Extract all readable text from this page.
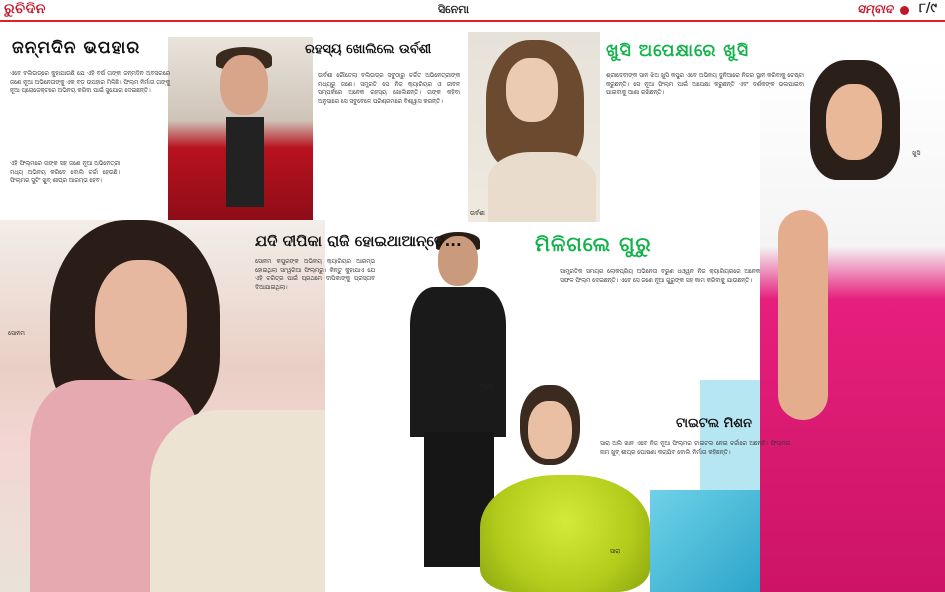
ରୁଚିଦିନ	ସିନେମା	ସମ୍ବାଦ ୮/୯
ଜନ୍ମଦିନ ଭପହାର
ଏବେ ବଲିଉଡ୍‌ରେ କୁହାଯାଉଛି ଯେ ଏହି ବର୍ଷ ତାଙ୍କ ଜନ୍ମଦିନ ଅବସରରେ ଜଣେ ନୂଆ ଅଭିନେତାଙ୍କୁ ଏକ ବଡ଼ ଉପହାର ମିଳିଛି। ଫିଲ୍ମ ନିର୍ମାତା ତାଙ୍କୁ ନୂଆ ପ୍ରୋଜେକ୍ଟରେ ଅଭିନୟ କରିବା ପାଇଁ ସୁଯୋଗ ଦେଇଛନ୍ତି।
ଏହି ଫିଲ୍ମରେ ତାଙ୍କ ସହ ଜଣେ ନୂଆ ଅଭିନେତ୍ରୀ ମଧ୍ୟ ଅଭିନୟ କରିବେ ବୋଲି ଚର୍ଚ୍ଚା ହେଉଛି। ଫିଲ୍ମର ସୁଟିଂ ଖୁବ୍ ଶୀଘ୍ର ଆରମ୍ଭ ହେବ।
ରହସ୍ୟ ଖୋଲିଲେ ଉର୍ବଶୀ
ଉର୍ବଶୀ ରୌତେଲା ବଲିଉଡ୍‌ର ସବୁଠାରୁ ଚର୍ଚ୍ଚିତ ଅଭିନେତ୍ରୀଙ୍କ ମଧ୍ୟରୁ ଜଣେ। ସମ୍ପ୍ରତି ସେ ନିଜ କ୍ୟାରିୟର ଓ ଜୀବନ ସମ୍ପର୍କରେ ଅନେକ ରହସ୍ୟ ଖୋଲିଛନ୍ତି। ତାଙ୍କ କହିବା ଅନୁସାରେ ସେ ସବୁବେଳେ ପରିଶ୍ରମରେ ବିଶ୍ୱାସ କରନ୍ତି।
ଉର୍ବଶୀ
ଖୁସି ଅପେକ୍ଷାରେ ଖୁସି
ଶ୍ରୀଦେବୀଙ୍କ ସାନ ଝିଅ ଖୁସି କପୁର ଏବେ ଅଭିନୟ ଦୁନିଆରେ ନିଜର ସ୍ଥାନ କରିବାକୁ ଚେଷ୍ଟା କରୁଛନ୍ତି। ସେ ନୂଆ ଫିଲ୍ମ ପାଇଁ ଅପେକ୍ଷା କରୁଛନ୍ତି ଏବଂ ଦର୍ଶକଙ୍କ ଭଲପାଇବା ପାଇବାକୁ ଆଶା ରଖିଛନ୍ତି।
ଖୁସି
ଯଦି ଦୀପିକା ରାଜି ହୋଇଥାଆନ୍ତେ...
ସୋନମ କପୁରଙ୍କ ଅଭିନୟ କ୍ୟାରିୟର ଆରମ୍ଭ ହୋଇଥିଲା ସାଂୱରିଆ ଫିଲ୍ମରୁ। କିନ୍ତୁ କୁହାଯାଏ ଯେ ଏହି ଚରିତ୍ର ପାଇଁ ପ୍ରଥମେ ଦୀପିକାଙ୍କୁ ପ୍ରସ୍ତାବ ଦିଆଯାଇଥିଲା।
ସୋନମ
ମିଳିଗଲେ ଗୁରୁ
ସାମ୍ପ୍ରତିକ ସମୟର ଲୋକପ୍ରିୟ ଅଭିନେତା ବରୁଣ ଧଓ୍ୱନ ନିଜ କ୍ୟାରିୟରରେ ଅନେକ ସଫଳ ଫିଲ୍ମ ଦେଇଛନ୍ତି। ଏବେ ସେ ଜଣେ ନୂଆ ଗୁରୁଙ୍କ ସହ କାମ କରିବାକୁ ଯାଉଛନ୍ତି।
ବରୁଣ
ଟାଇଟଲ ମିଶନ
ସାରା ଅଲି ଖାନ ଏବେ ନିଜ ନୂଆ ଫିଲ୍ମର ଟାଇଟଲ ନେଇ ଚର୍ଚ୍ଚାରେ ଅଛନ୍ତି। ଫିଲ୍ମର ନାମ ଖୁବ୍ ଶୀଘ୍ର ଘୋଷଣା କରାଯିବ ବୋଲି ନିର୍ମାତା କହିଛନ୍ତି।
ସାରା
